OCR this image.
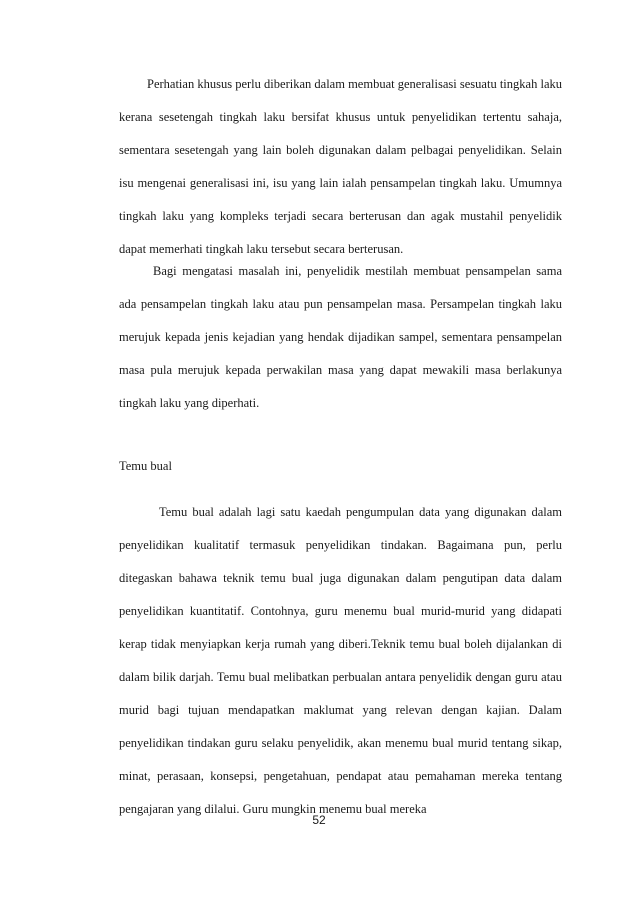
Perhatian khusus perlu diberikan dalam membuat generalisasi sesuatu tingkah laku kerana sesetengah tingkah laku bersifat khusus untuk penyelidikan tertentu sahaja, sementara sesetengah yang lain boleh digunakan dalam pelbagai penyelidikan. Selain isu mengenai generalisasi ini, isu yang lain ialah pensampelan tingkah laku. Umumnya tingkah laku yang kompleks terjadi secara berterusan dan agak mustahil penyelidik dapat memerhati tingkah laku tersebut secara berterusan.

Bagi mengatasi masalah ini, penyelidik mestilah membuat pensampelan sama ada pensampelan tingkah laku atau pun pensampelan masa. Persampelan tingkah laku merujuk kepada jenis kejadian yang hendak dijadikan sampel, sementara pensampelan masa pula merujuk kepada perwakilan masa yang dapat mewakili masa berlakunya tingkah laku yang diperhati.

Temu bual

Temu bual adalah lagi satu kaedah pengumpulan data yang digunakan dalam penyelidikan kualitatif termasuk penyelidikan tindakan. Bagaimana pun, perlu ditegaskan bahawa teknik temu bual juga digunakan dalam pengutipan data dalam penyelidikan kuantitatif. Contohnya, guru menemu bual murid-murid yang didapati kerap tidak menyiapkan kerja rumah yang diberi.Teknik temu bual boleh dijalankan di dalam bilik darjah. Temu bual melibatkan perbualan antara penyelidik dengan guru atau murid bagi tujuan mendapatkan maklumat yang relevan dengan kajian. Dalam penyelidikan tindakan guru selaku penyelidik, akan menemu bual murid tentang sikap, minat, perasaan, konsepsi, pengetahuan, pendapat atau pemahaman mereka tentang pengajaran yang dilalui. Guru mungkin menemu bual mereka

52
